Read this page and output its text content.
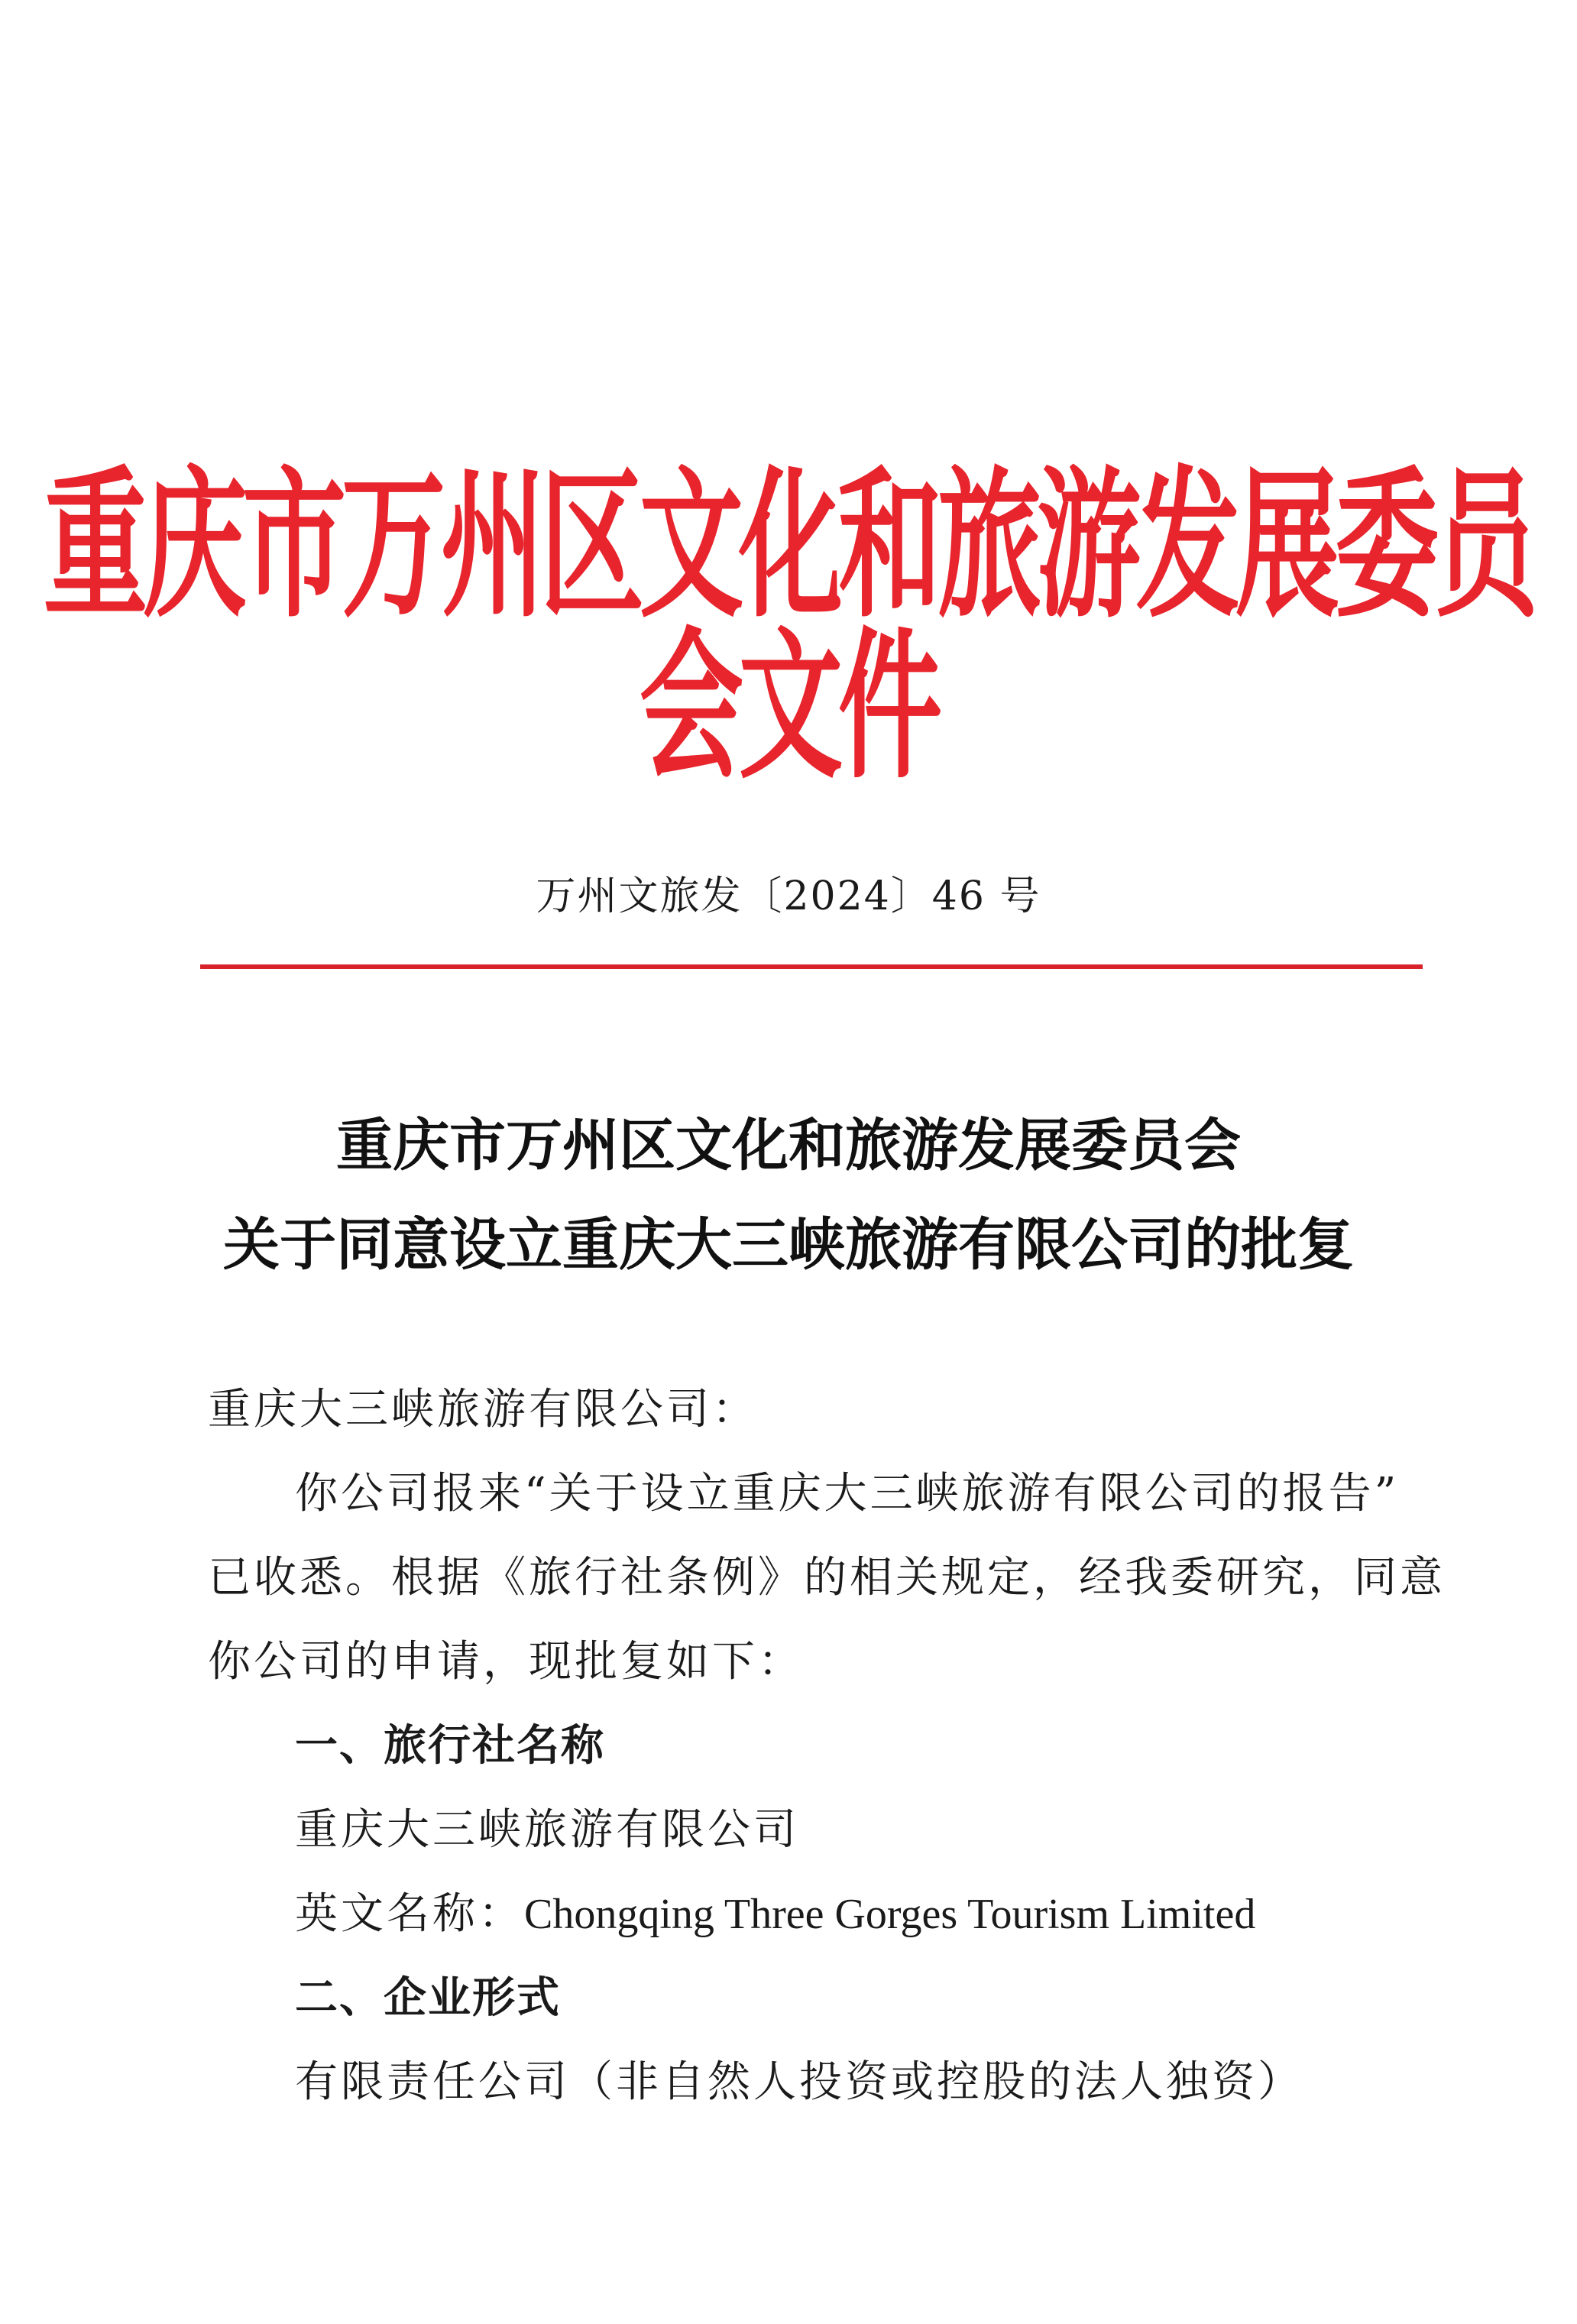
重庆市万州区文化和旅游发展委员会文件
万州文旅发〔2024〕46 号
重庆市万州区文化和旅游发展委员会
关于同意设立重庆大三峡旅游有限公司的批复
重庆大三峡旅游有限公司：
你公司报来“关于设立重庆大三峡旅游有限公司的报告”
已收悉。根据《旅行社条例》的相关规定，经我委研究，同意
你公司的申请，现批复如下：
一、旅行社名称
重庆大三峡旅游有限公司
英文名称：Chongqing Three Gorges Tourism Limited
二、企业形式
有限责任公司（非自然人投资或控股的法人独资）
